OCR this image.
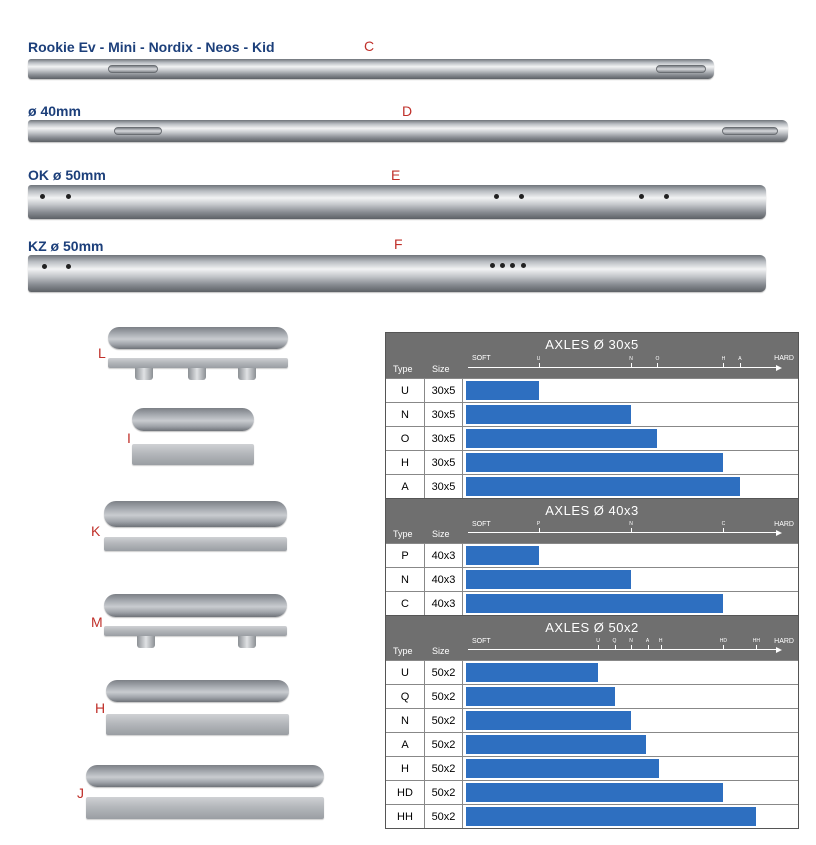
Rookie Ev - Mini - Nordix - Neos - Kid	C
ø 40mm	D
OK ø 50mm	E
KZ ø 50mm	F
L
I
K
M
H
J
AXLES Ø 30x5
Type Size
SOFT	HARD
U	N	O	H	A
U	30x5
N	30x5
O	30x5
H	30x5
A	30x5
AXLES Ø 40x3
Type Size
SOFT	HARD
P	N	C
P	40x3
N	40x3
C	40x3
AXLES Ø 50x2
Type Size
SOFT	HARD
U	Q	N	A H	HD	HH
U	50x2
Q	50x2
N	50x2
A	50x2
H	50x2
HD	50x2
HH	50x2
